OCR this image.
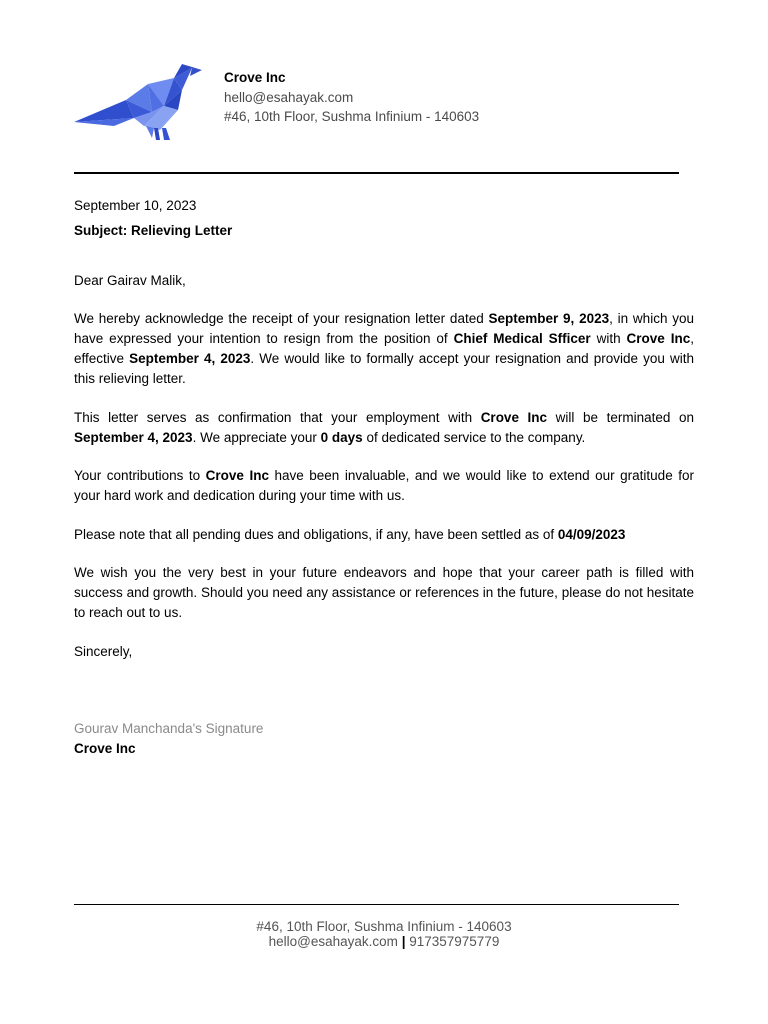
Crove Inc
hello@esahayak.com
#46, 10th Floor, Sushma Infinium - 140603

September 10, 2023

Subject: Relieving Letter

Dear Gairav Malik,

We hereby acknowledge the receipt of your resignation letter dated September 9, 2023, in which you have expressed your intention to resign from the position of Chief Medical Sfficer with Crove Inc, effective September 4, 2023. We would like to formally accept your resignation and provide you with this relieving letter.

This letter serves as confirmation that your employment with Crove Inc will be terminated on September 4, 2023. We appreciate your 0 days of dedicated service to the company.

Your contributions to Crove Inc have been invaluable, and we would like to extend our gratitude for your hard work and dedication during your time with us.

Please note that all pending dues and obligations, if any, have been settled as of 04/09/2023

We wish you the very best in your future endeavors and hope that your career path is filled with success and growth. Should you need any assistance or references in the future, please do not hesitate to reach out to us.

Sincerely,

Gourav Manchanda's Signature

Crove Inc

#46, 10th Floor, Sushma Infinium - 140603
hello@esahayak.com | 917357975779
